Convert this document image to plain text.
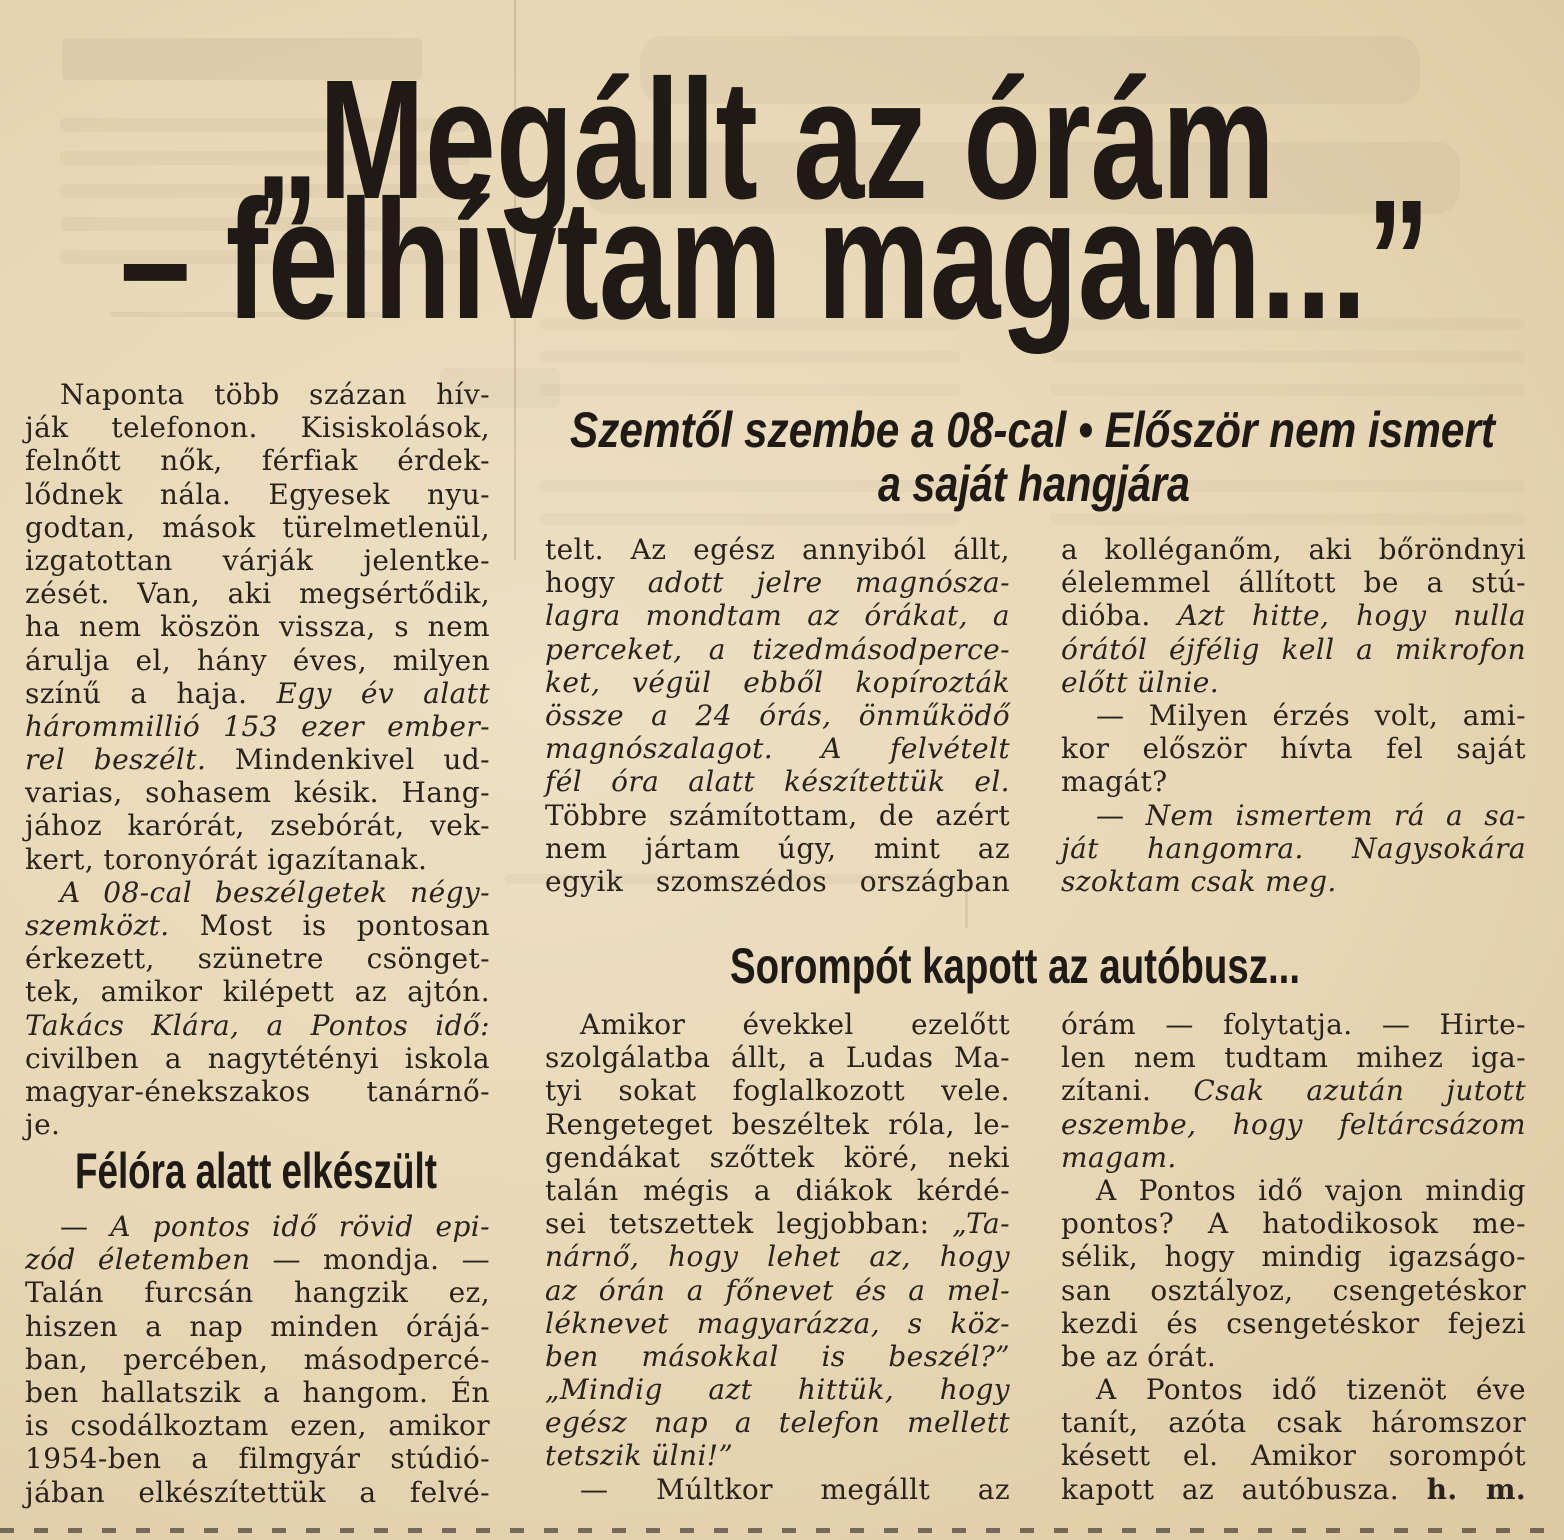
„Megállt az órám
– felhívtam magam...”
Szemtől szembe a 08-cal • Először nem ismert
a saját hangjára
Félóra alatt elkészült
Sorompót kapott az autóbusz...
Naponta több százan hív-
ják telefonon. Kisiskolások,
felnőtt nők, férfiak érdek-
lődnek nála. Egyesek nyu-
godtan, mások türelmetlenül,
izgatottan várják jelentke-
zését. Van, aki megsértődik,
ha nem köszön vissza, s nem
árulja el, hány éves, milyen
színű a haja. Egy év alatt
hárommillió 153 ezer ember-
rel beszélt. Mindenkivel ud-
varias, sohasem késik. Hang-
jához karórát, zsebórát, vek-
kert, toronyórát igazítanak.
A 08-cal beszélgetek négy-
szemközt. Most is pontosan
érkezett, szünetre csönget-
tek, amikor kilépett az ajtón.
Takács Klára, a Pontos idő:
civilben a nagytétényi iskola
magyar-énekszakos tanárnő-
je.
— A pontos idő rövid epi-
zód életemben — mondja. —
Talán furcsán hangzik ez,
hiszen a nap minden órájá-
ban, percében, másodpercé-
ben hallatszik a hangom. Én
is csodálkoztam ezen, amikor
1954-ben a filmgyár stúdió-
jában elkészítettük a felvé-
telt. Az egész annyiból állt,
hogy adott jelre magnósza-
lagra mondtam az órákat, a
perceket, a tizedmásodperce-
ket, végül ebből kopírozták
össze a 24 órás, önműködő
magnószalagot. A felvételt
fél óra alatt készítettük el.
Többre számítottam, de azért
nem jártam úgy, mint az
egyik szomszédos országban
a kolléganőm, aki bőröndnyi
élelemmel állított be a stú-
dióba. Azt hitte, hogy nulla
órától éjfélig kell a mikrofon
előtt ülnie.
— Milyen érzés volt, ami-
kor először hívta fel saját
magát?
— Nem ismertem rá a sa-
ját hangomra. Nagysokára
szoktam csak meg.
Amikor évekkel ezelőtt
szolgálatba állt, a Ludas Ma-
tyi sokat foglalkozott vele.
Rengeteget beszéltek róla, le-
gendákat szőttek köré, neki
talán mégis a diákok kérdé-
sei tetszettek legjobban: „Ta-
nárnő, hogy lehet az, hogy
az órán a főnevet és a mel-
léknevet magyarázza, s köz-
ben másokkal is beszél?”
„Mindig azt hittük, hogy
egész nap a telefon mellett
tetszik ülni!”
— Múltkor megállt az
órám — folytatja. — Hirte-
len nem tudtam mihez iga-
zítani. Csak azután jutott
eszembe, hogy feltárcsázom
magam.
A Pontos idő vajon mindig
pontos? A hatodikosok me-
sélik, hogy mindig igazságo-
san osztályoz, csengetéskor
kezdi és csengetéskor fejezi
be az órát.
A Pontos idő tizenöt éve
tanít, azóta csak háromszor
késett el. Amikor sorompót
kapott az autóbusza. h. m.
